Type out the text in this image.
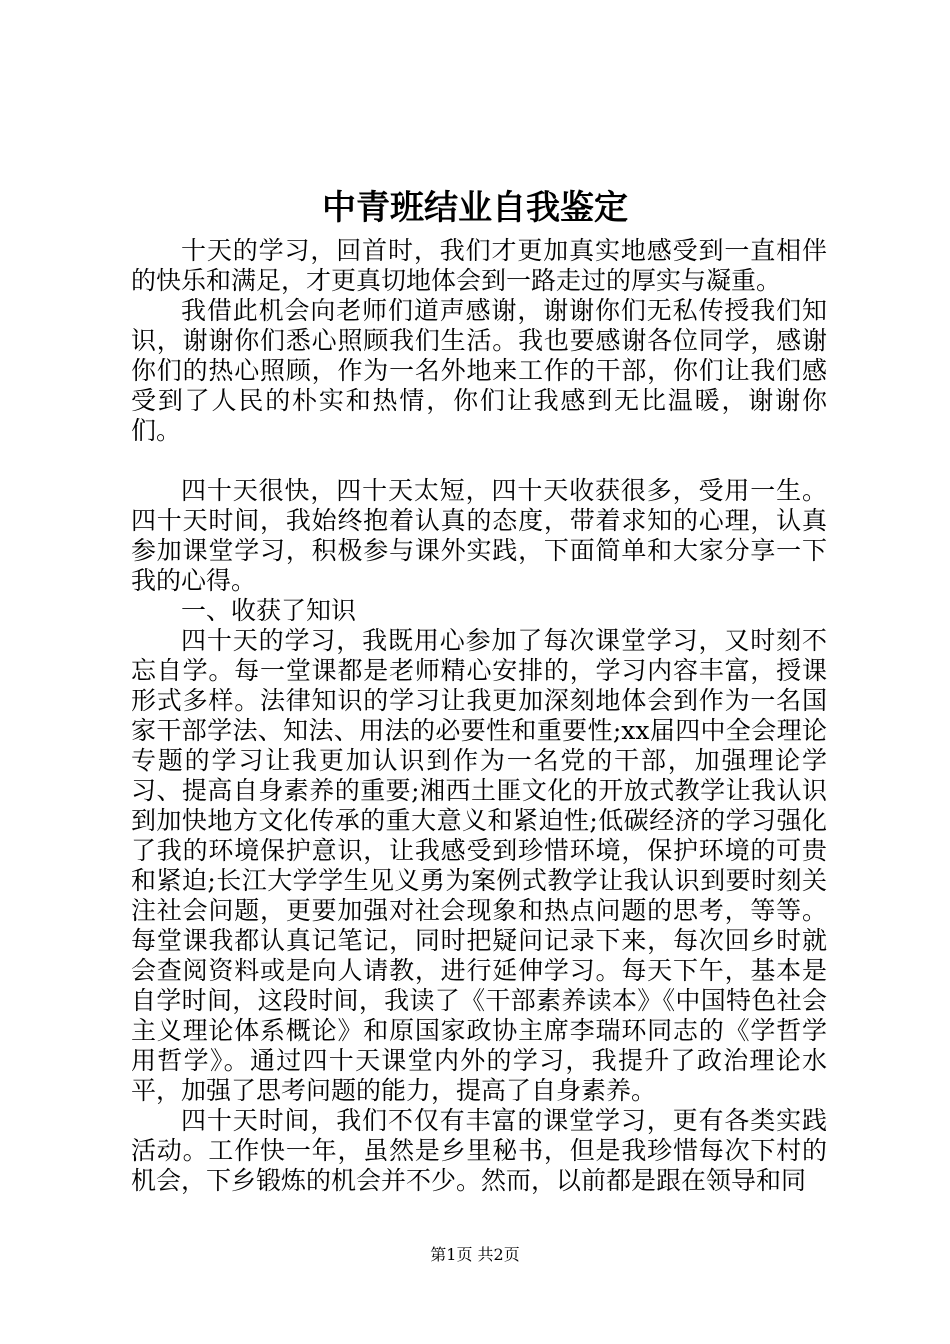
中青班结业自我鉴定

十天的学习，回首时，我们才更加真实地感受到一直相伴的快乐和满足，才更真切地体会到一路走过的厚实与凝重。

我借此机会向老师们道声感谢，谢谢你们无私传授我们知识，谢谢你们悉心照顾我们生活。我也要感谢各位同学，感谢你们的热心照顾，作为一名外地来工作的干部，你们让我们感受到了人民的朴实和热情，你们让我感到无比温暖，谢谢你们。

四十天很快，四十天太短，四十天收获很多，受用一生。四十天时间，我始终抱着认真的态度，带着求知的心理，认真参加课堂学习，积极参与课外实践，下面简单和大家分享一下我的心得。

一、收获了知识

四十天的学习，我既用心参加了每次课堂学习，又时刻不忘自学。每一堂课都是老师精心安排的，学习内容丰富，授课形式多样。法律知识的学习让我更加深刻地体会到作为一名国家干部学法、知法、用法的必要性和重要性;xx届四中全会理论专题的学习让我更加认识到作为一名党的干部，加强理论学习、提高自身素养的重要;湘西土匪文化的开放式教学让我认识到加快地方文化传承的重大意义和紧迫性;低碳经济的学习强化了我的环境保护意识，让我感受到珍惜环境，保护环境的可贵和紧迫;长江大学学生见义勇为案例式教学让我认识到要时刻关注社会问题，更要加强对社会现象和热点问题的思考，等等。每堂课我都认真记笔记，同时把疑问记录下来，每次回乡时就会查阅资料或是向人请教，进行延伸学习。每天下午，基本是自学时间，这段时间，我读了《干部素养读本》《中国特色社会主义理论体系概论》和原国家政协主席李瑞环同志的《学哲学用哲学》。通过四十天课堂内外的学习，我提升了政治理论水平，加强了思考问题的能力，提高了自身素养。

四十天时间，我们不仅有丰富的课堂学习，更有各类实践活动。工作快一年，虽然是乡里秘书，但是我珍惜每次下村的机会，下乡锻炼的机会并不少。然而，以前都是跟在领导和同

第1页 共2页
